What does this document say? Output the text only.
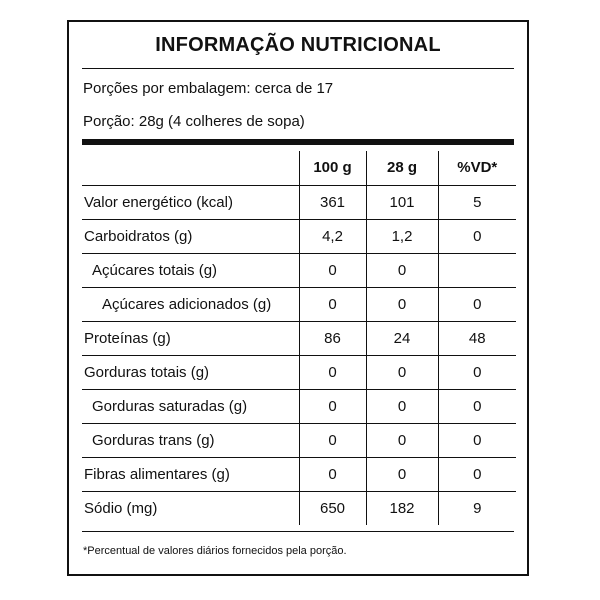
INFORMAÇÃO NUTRICIONAL
Porções por embalagem: cerca de 17
Porção: 28g (4 colheres de sopa)
	100 g	28 g	%VD*
Valor energético (kcal)	361	101	5
Carboidratos (g)	4,2	1,2	0
Açúcares totais (g)	0	0	
Açúcares adicionados (g)	0	0	0
Proteínas (g)	86	24	48
Gorduras totais (g)	0	0	0
Gorduras saturadas (g)	0	0	0
Gorduras trans (g)	0	0	0
Fibras alimentares (g)	0	0	0
Sódio (mg)	650	182	9
*Percentual de valores diários fornecidos pela porção.
